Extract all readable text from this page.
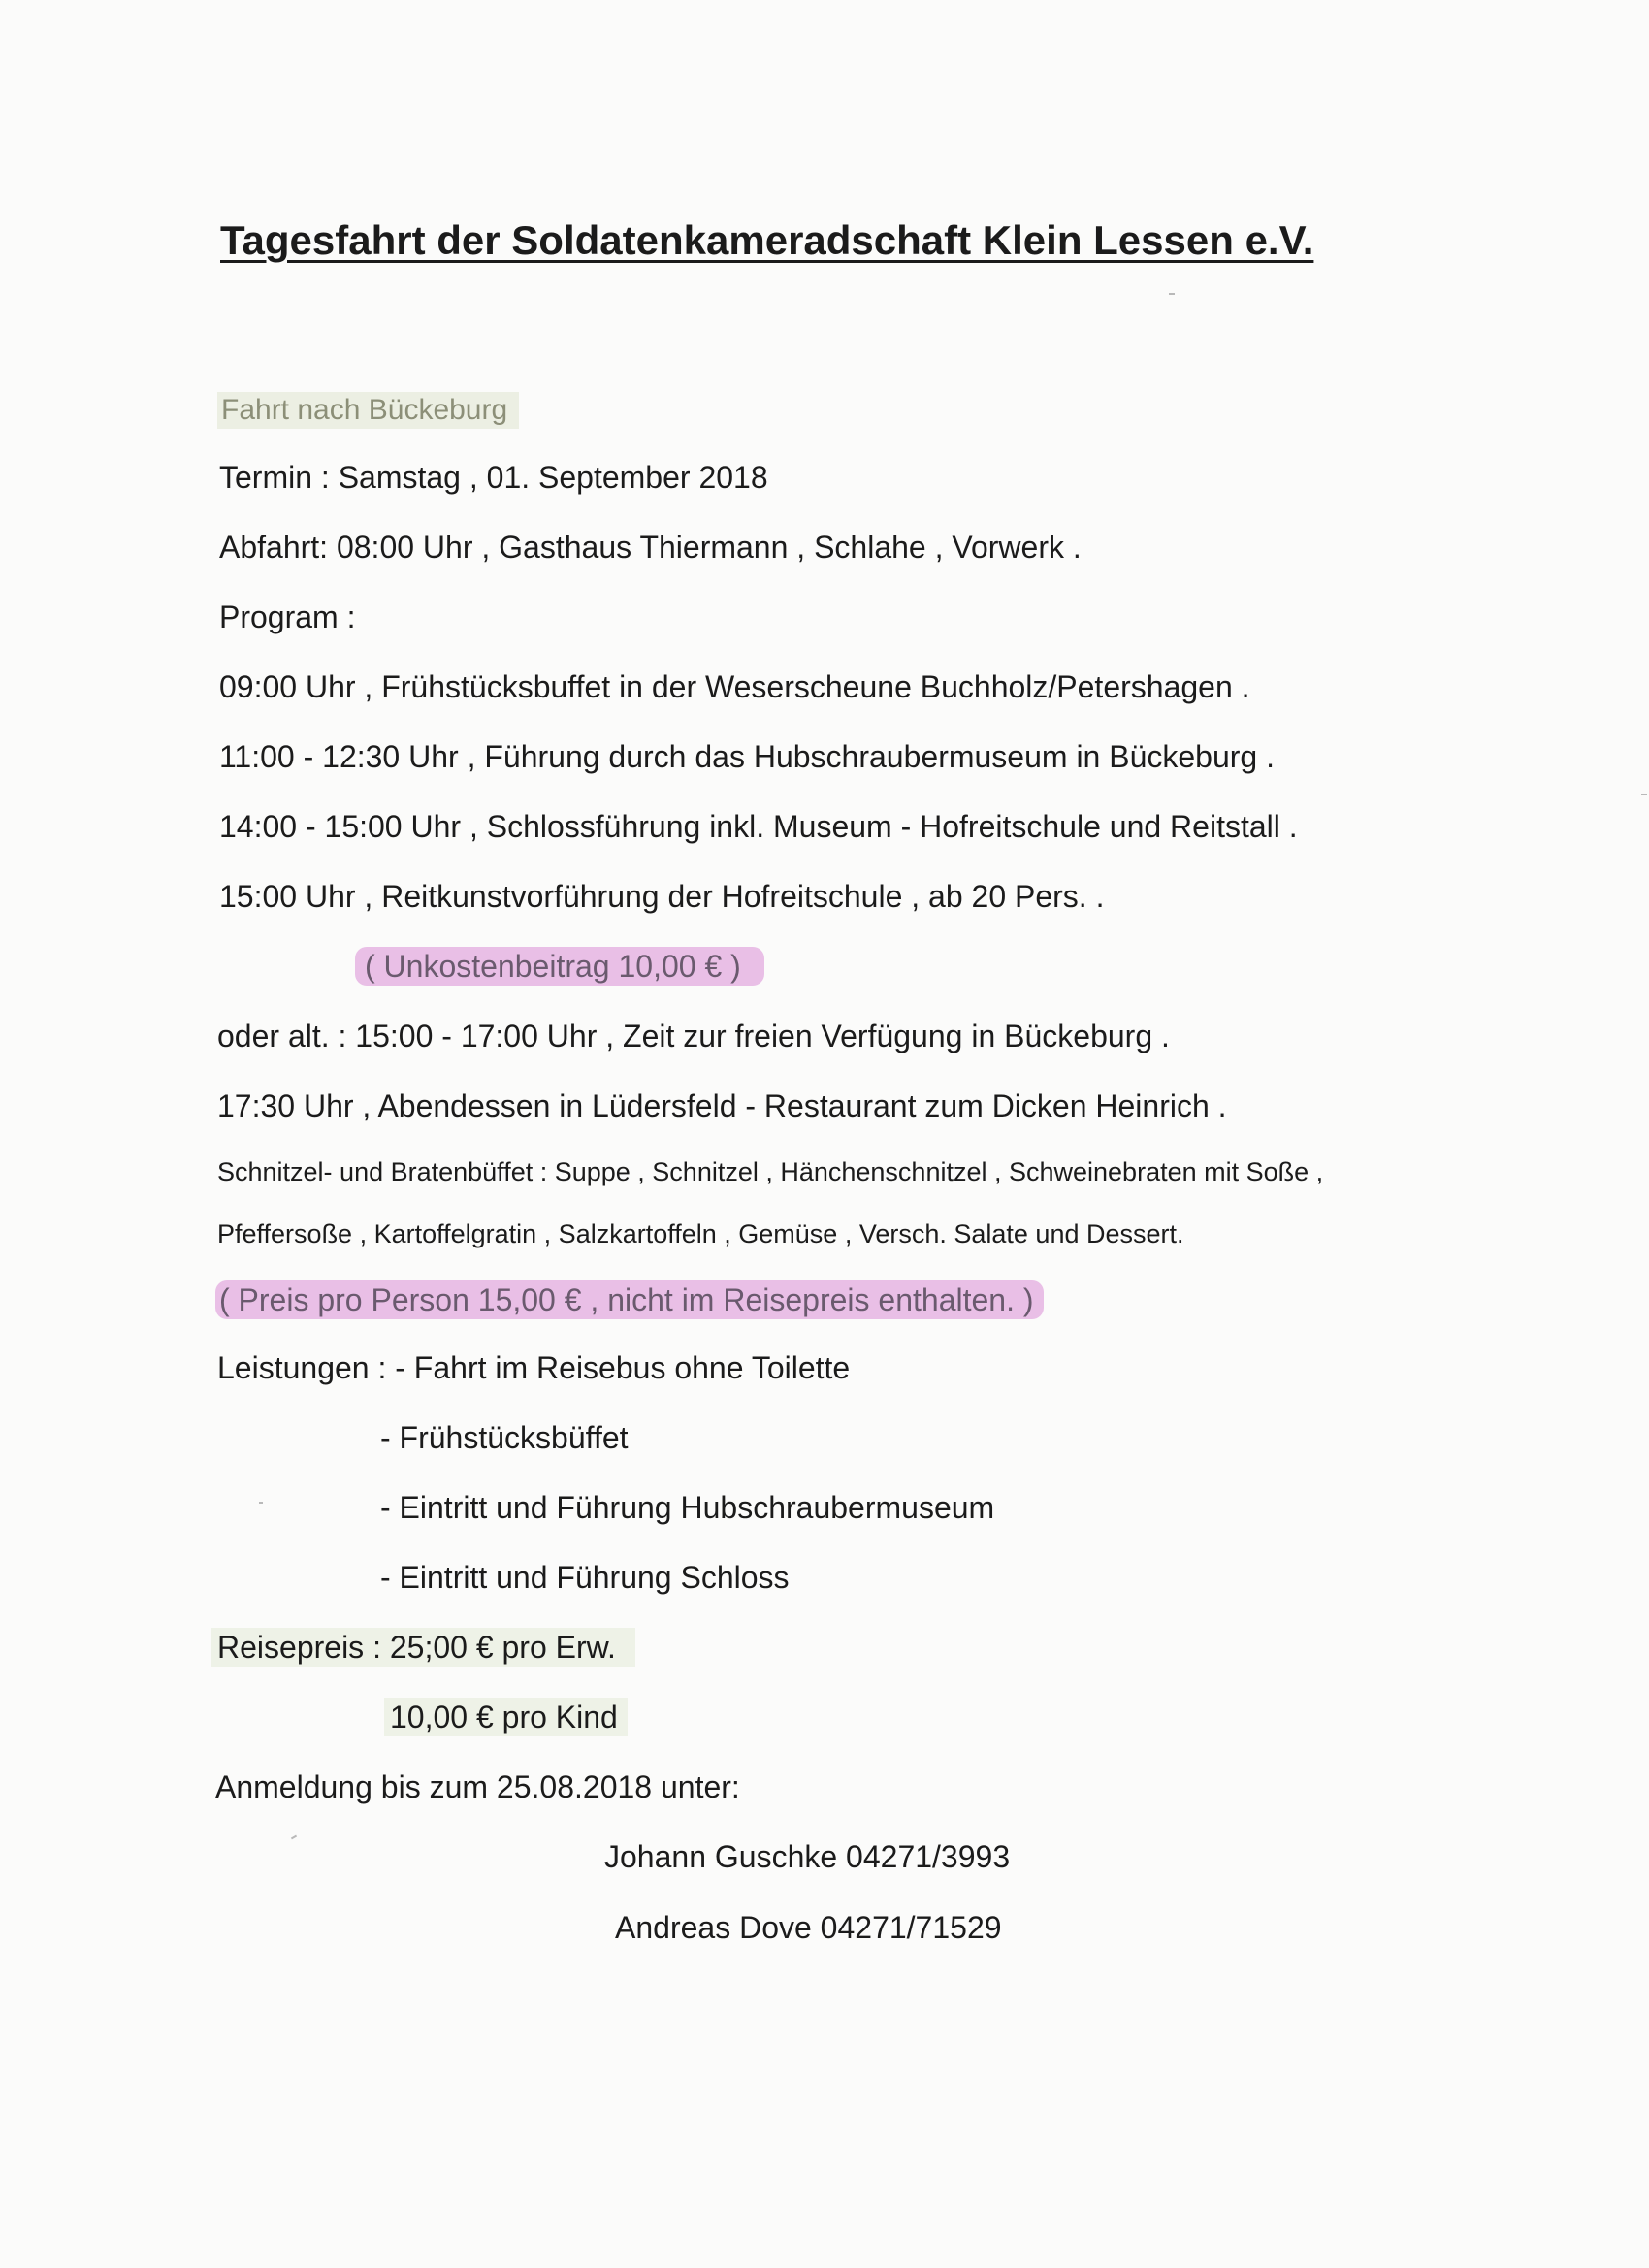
Tagesfahrt der Soldatenkameradschaft Klein Lessen e.V.
Fahrt nach Bückeburg
Termin : Samstag , 01. September 2018
Abfahrt: 08:00 Uhr , Gasthaus Thiermann , Schlahe , Vorwerk .
Program :
09:00 Uhr , Frühstücksbuffet in der Weserscheune Buchholz/Petershagen .
11:00 - 12:30 Uhr , Führung durch das Hubschraubermuseum in Bückeburg .
14:00 - 15:00 Uhr , Schlossführung inkl. Museum - Hofreitschule und Reitstall .
15:00 Uhr , Reitkunstvorführung der Hofreitschule , ab 20 Pers. .
( Unkostenbeitrag 10,00 € )
oder alt. : 15:00 - 17:00 Uhr , Zeit zur freien Verfügung in Bückeburg .
17:30 Uhr , Abendessen in Lüdersfeld - Restaurant zum Dicken Heinrich .
Schnitzel- und Bratenbüffet : Suppe , Schnitzel , Hänchenschnitzel , Schweinebraten mit Soße ,
Pfeffersoße , Kartoffelgratin , Salzkartoffeln , Gemüse , Versch. Salate und Dessert.
( Preis pro Person 15,00 € , nicht im Reisepreis enthalten. )
Leistungen : - Fahrt im Reisebus ohne Toilette
- Frühstücksbüffet
- Eintritt und Führung Hubschraubermuseum
- Eintritt und Führung Schloss
Reisepreis : 25;00 € pro Erw.
10,00 € pro Kind
Anmeldung bis zum 25.08.2018 unter:
Johann Guschke 04271/3993
Andreas Dove 04271/71529
